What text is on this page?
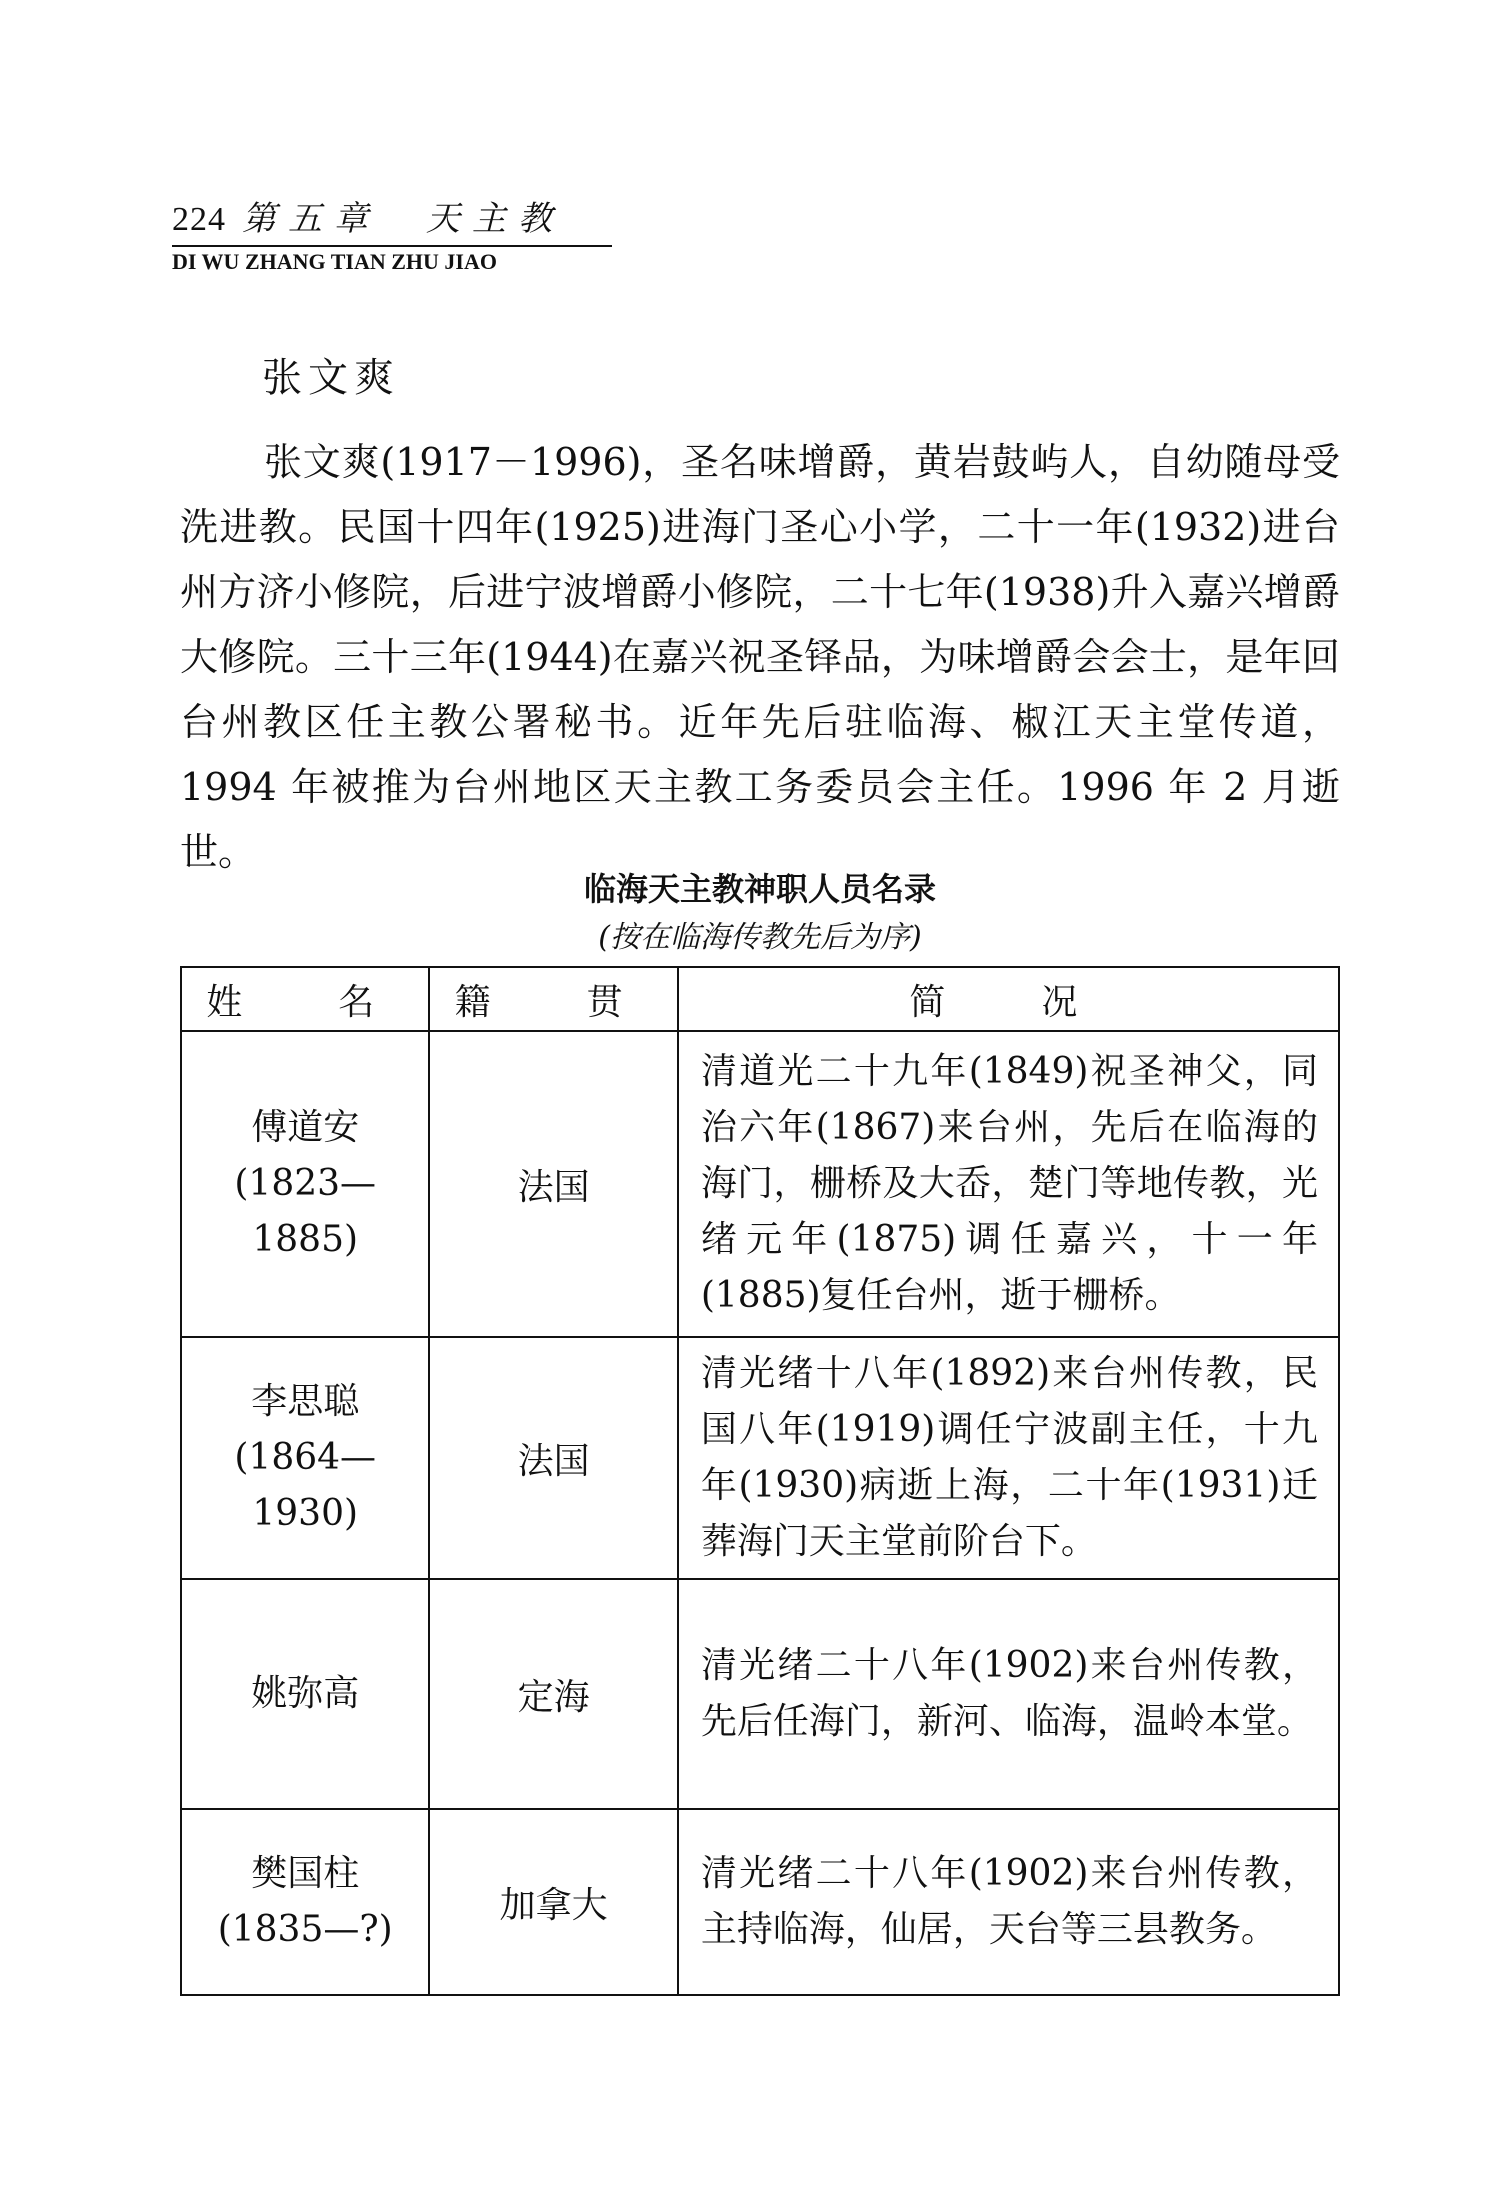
224 第五章　天主教
DI WU ZHANG TIAN ZHU JIAO
张文爽

张文爽(1917－1996)，圣名味增爵，黄岩鼓屿人，自幼随母受洗进教。民国十四年(1925)进海门圣心小学，二十一年(1932)进台州方济小修院，后进宁波增爵小修院，二十七年(1938)升入嘉兴增爵大修院。三十三年(1944)在嘉兴祝圣铎品，为味增爵会会士，是年回台州教区任主教公署秘书。近年先后驻临海、椒江天主堂传道，1994 年被推为台州地区天主教工务委员会主任。1996 年 2 月逝世。

临海天主教神职人员名录
(按在临海传教先后为序)
姓　名	籍　贯	简　况

傅道安
(1823—1885)	法国	清道光二十九年(1849)祝圣神父，同治六年(1867)来台州，先后在临海的海门，栅桥及大岙，楚门等地传教，光绪元年(1875)调任嘉兴，十一年(1885)复任台州，逝于栅桥。

李思聪
(1864—1930)	法国	清光绪十八年(1892)来台州传教，民国八年(1919)调任宁波副主任，十九年(1930)病逝上海，二十年(1931)迁葬海门天主堂前阶台下。

姚弥高	定海	清光绪二十八年(1902)来台州传教，先后任海门，新河、临海，温岭本堂。

樊国柱
(1835—?)	加拿大	清光绪二十八年(1902)来台州传教，主持临海，仙居，天台等三县教务。
